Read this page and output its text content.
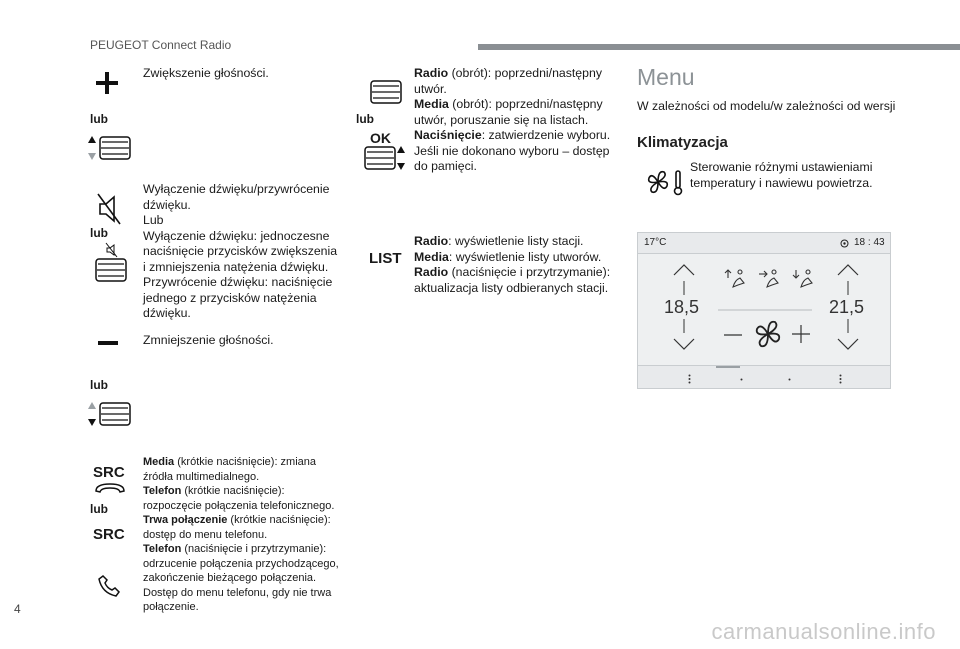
PEUGEOT Connect Radio
Zwiększenie głośności.
lub
Wyłączenie dźwięku/przywrócenie
dźwięku.
Lub
Wyłączenie dźwięku: jednoczesne
naciśnięcie przycisków zwiększenia
i zmniejszenia natężenia dźwięku.
Przywrócenie dźwięku: naciśnięcie
jednego z przycisków natężenia
dźwięku.
lub
Zmniejszenie głośności.
lub
SRC
lub
SRC
Media (krótkie naciśnięcie): zmiana
źródła multimedialnego.
Telefon (krótkie naciśnięcie):
rozpoczęcie połączenia telefonicznego.
Trwa połączenie (krótkie naciśnięcie):
dostęp do menu telefonu.
Telefon (naciśnięcie i przytrzymanie):
odrzucenie połączenia przychodzącego,
zakończenie bieżącego połączenia.
Dostęp do menu telefonu, gdy nie trwa
połączenie.
lub
OK
Radio (obrót): poprzedni/następny
utwór.
Media (obrót): poprzedni/następny
utwór, poruszanie się na listach.
Naciśnięcie: zatwierdzenie wyboru.
Jeśli nie dokonano wyboru – dostęp
do pamięci.
LIST
Radio: wyświetlenie listy stacji.
Media: wyświetlenie listy utworów.
Radio (naciśnięcie i przytrzymanie):
aktualizacja listy odbieranych stacji.
Menu
W zależności od modelu/w zależności od wersji
Klimatyzacja
Sterowanie różnymi ustawieniami
temperatury i nawiewu powietrza.
17°C	18 : 43
18,5	21,5
4
carmanualsonline.info
